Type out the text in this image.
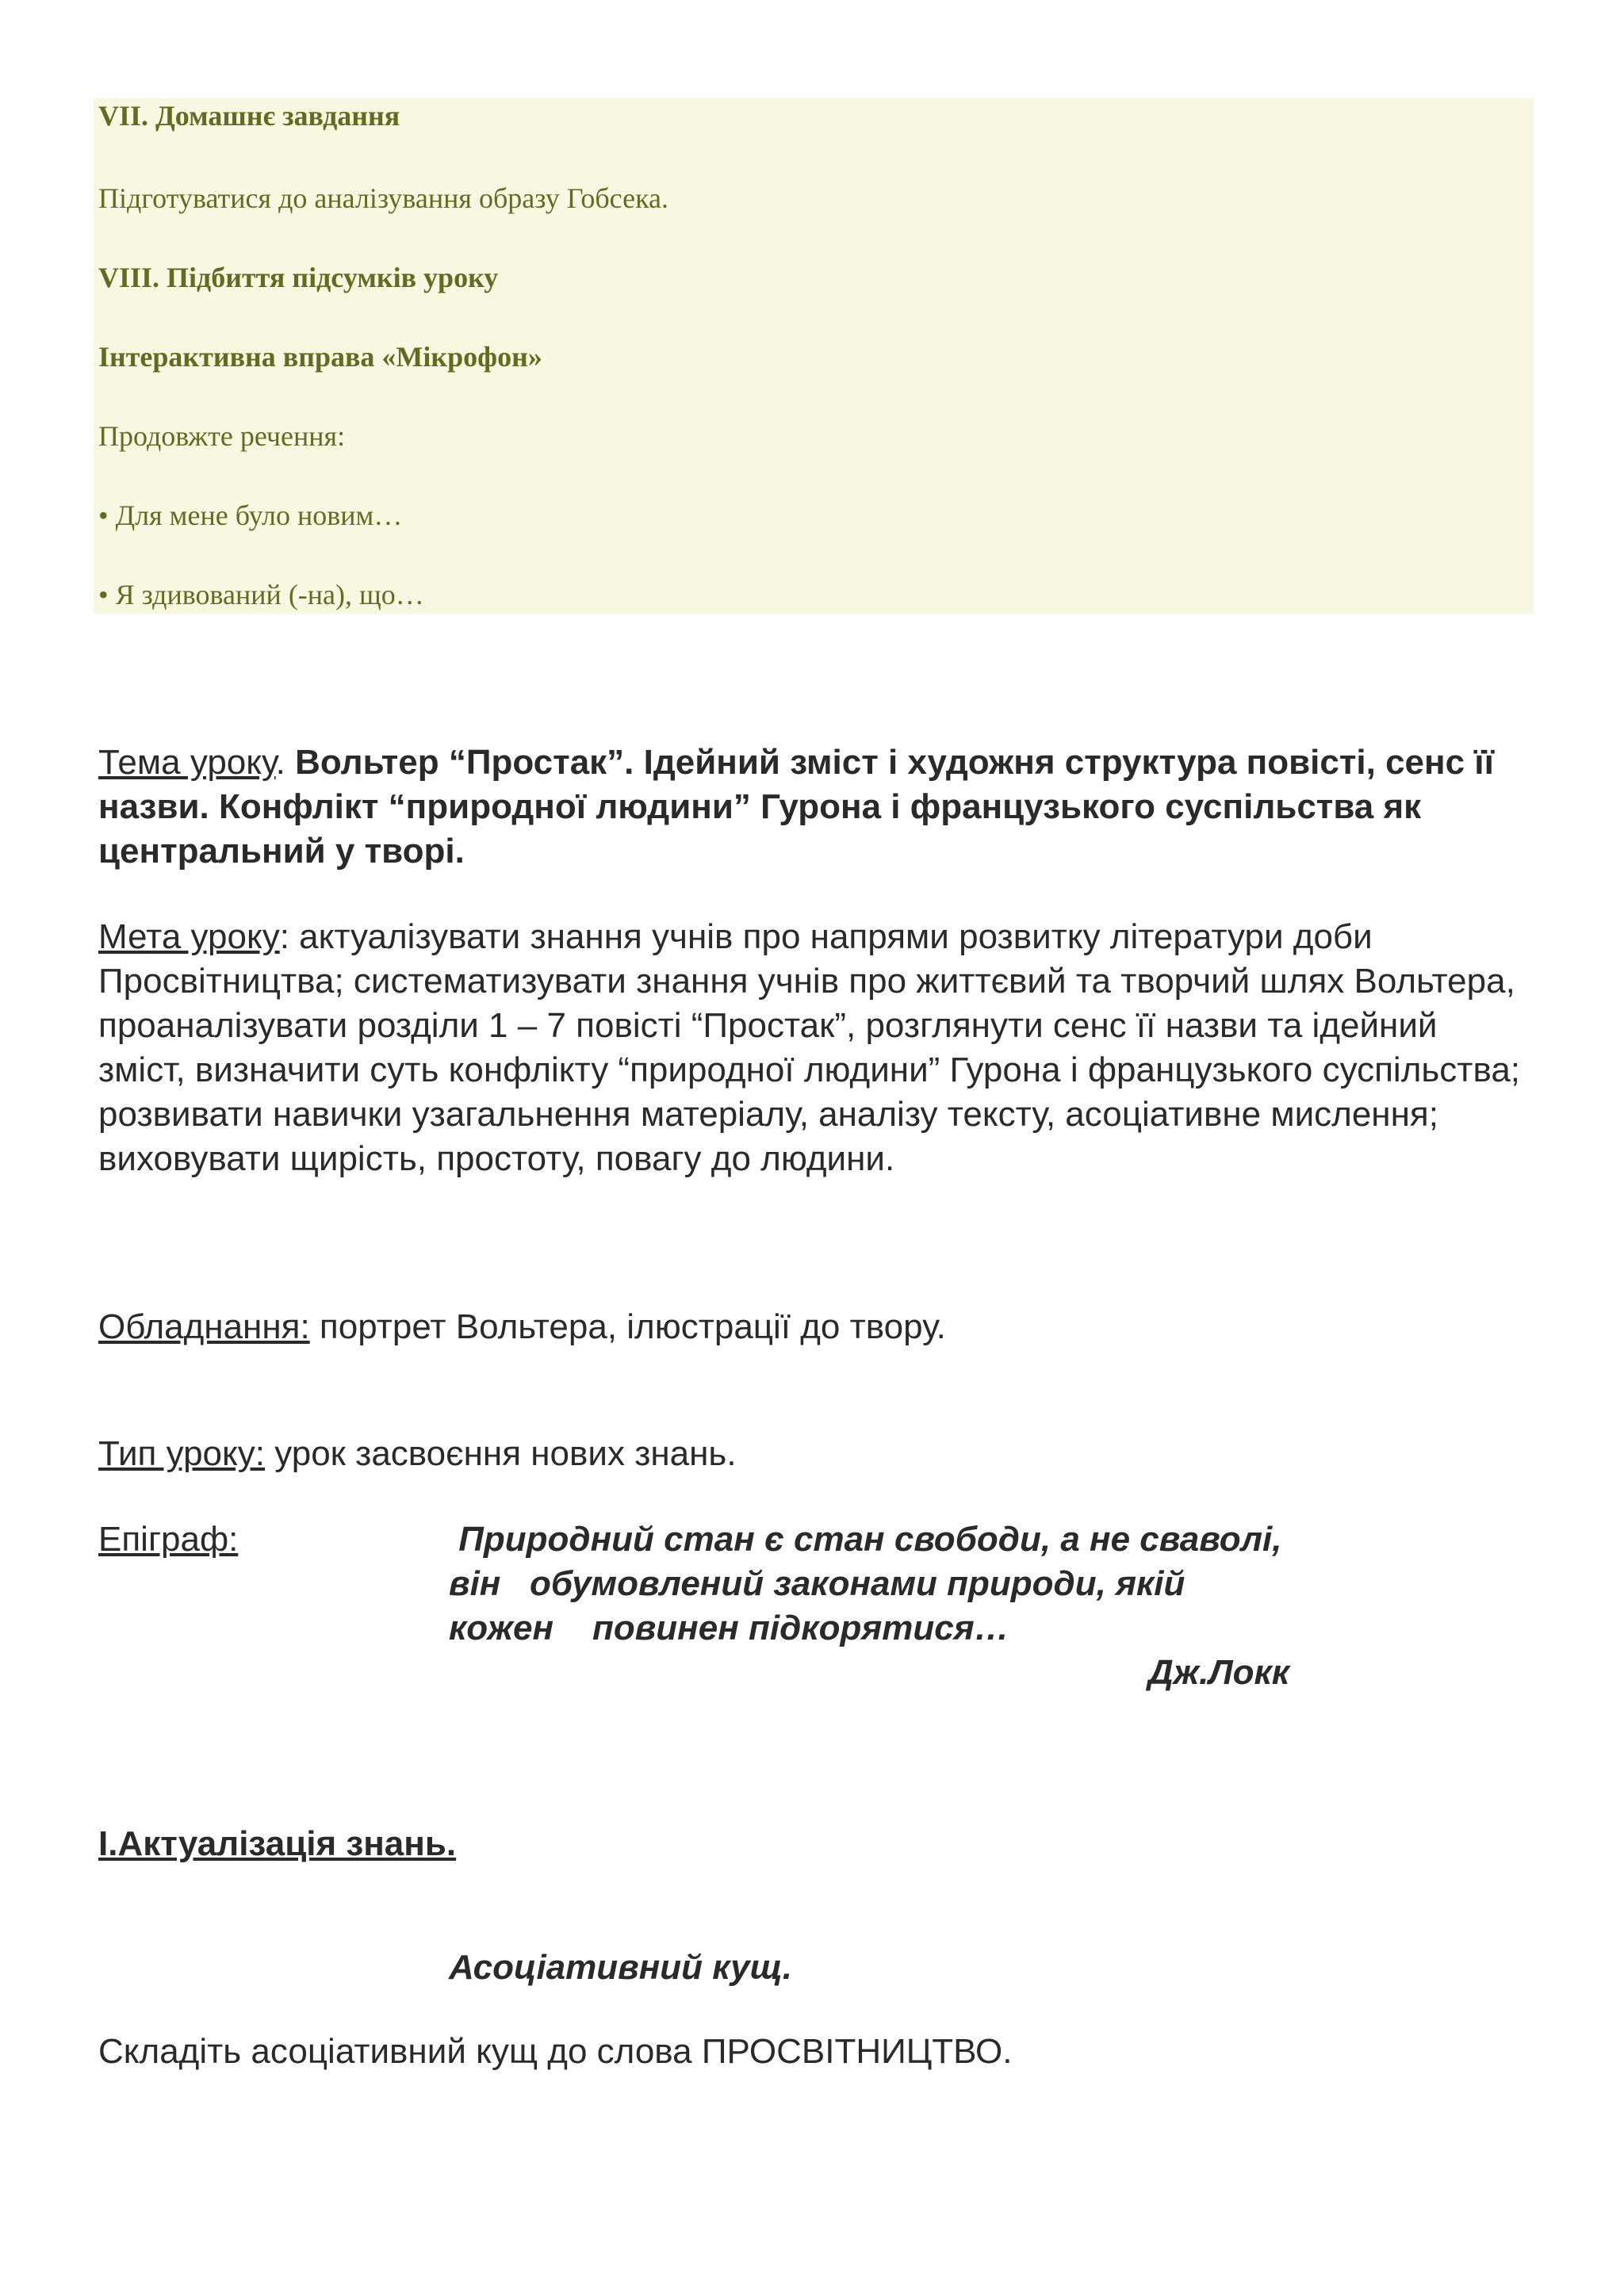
VII. Домашнє завдання

Підготуватися до аналізування образу Гобсека.

VIII. Підбиття підсумків уроку

Інтерактивна вправа «Мікрофон»

Продовжте речення:

• Для мене було новим…

• Я здивований (-на), що…

Тема уроку. Вольтер “Простак”. Ідейний зміст і художня структура повісті, сенс її назви. Конфлікт “природної людини” Гурона і французького суспільства як центральний у творі.
Мета уроку: актуалізувати знання учнів про напрями розвитку літератури доби Просвітництва; систематизувати знання учнів про життєвий та творчий шлях Вольтера, проаналізувати розділи 1 – 7 повісті “Простак”, розглянути сенс її назви та ідейний зміст, визначити суть конфлікту “природної людини” Гурона і французького суспільства; розвивати навички узагальнення матеріалу, аналізу тексту, асоціативне мислення; виховувати щирість, простоту, повагу до людини.
Обладнання: портрет Вольтера, ілюстрації до твору.
Тип уроку: урок засвоєння нових знань.
Епіграф:	Природний стан є стан свободи, а не сваволі,
він   обумовлений законами природи, якій
кожен    повинен підкорятися…
Дж.Локк
І.Актуалізація знань.
Асоціативний кущ.
Складіть асоціативний кущ до слова ПРОСВІТНИЦТВО.
